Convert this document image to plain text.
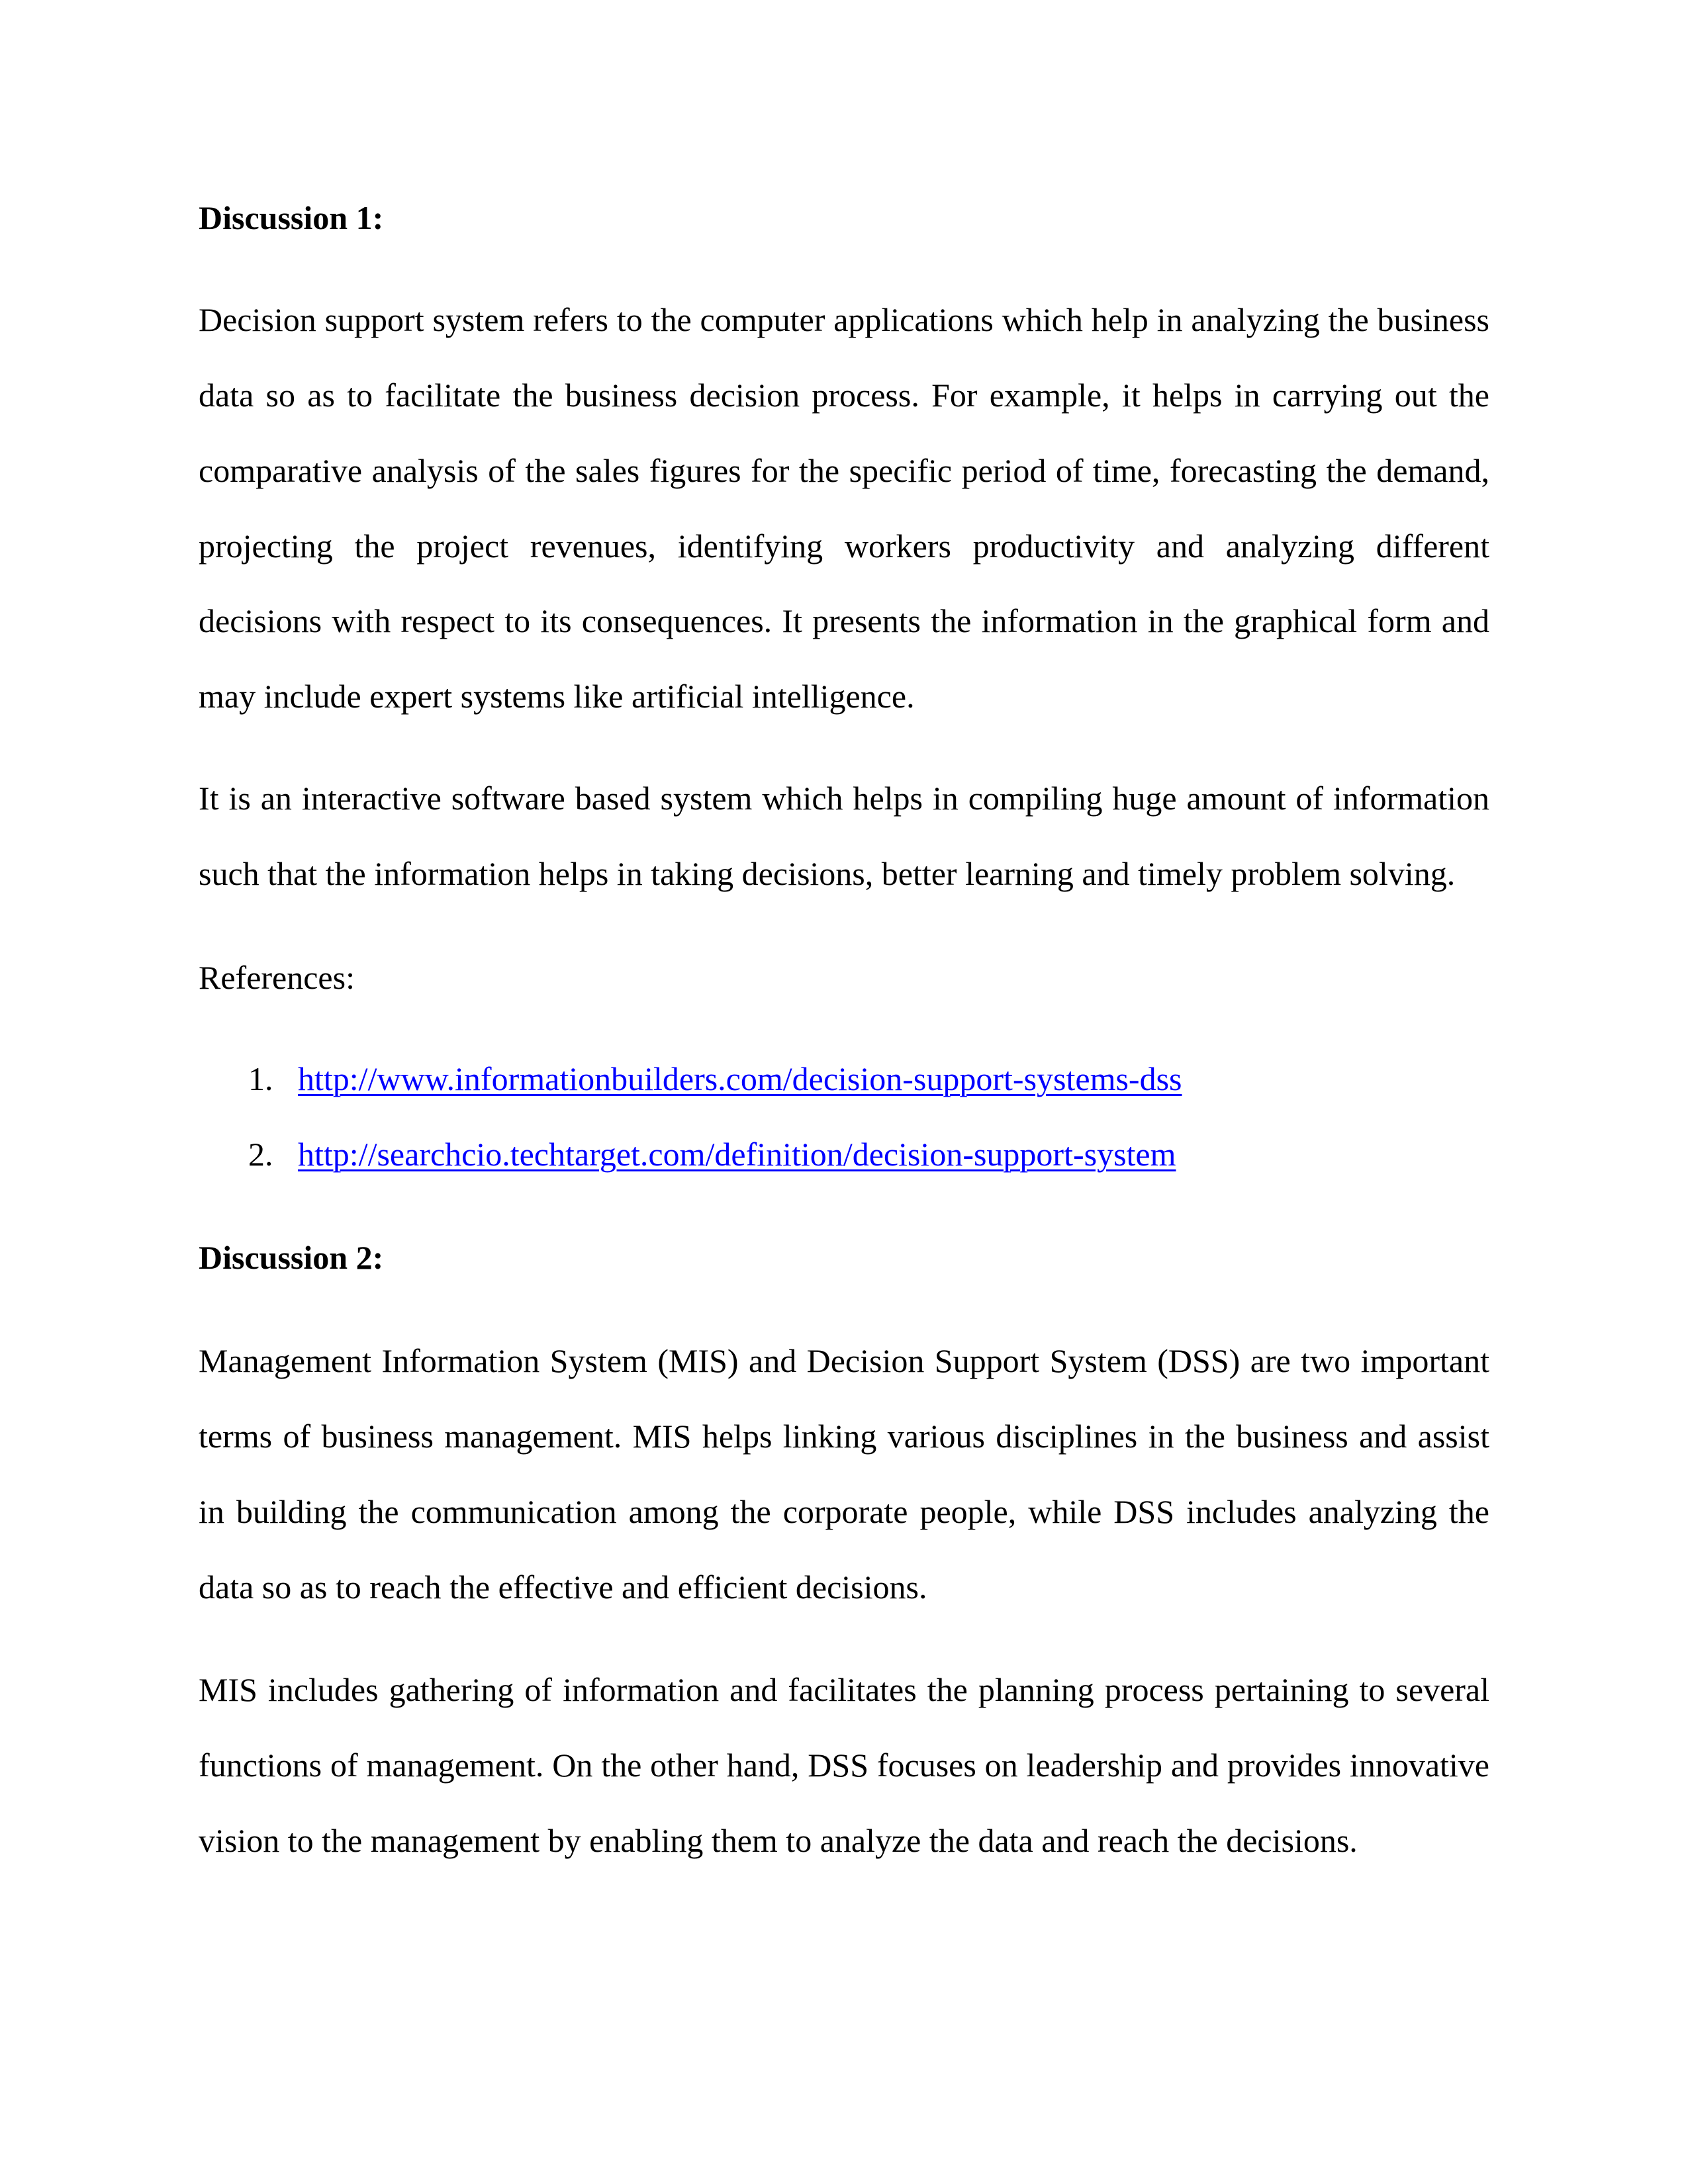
Discussion 1:
Decision support system refers to the computer applications which help in analyzing the business
data so as to facilitate the business decision process. For example, it helps in carrying out the
comparative analysis of the sales figures for the specific period of time, forecasting the demand,
projecting the project revenues, identifying workers productivity and analyzing different
decisions with respect to its consequences. It presents the information in the graphical form and
may include expert systems like artificial intelligence.
It is an interactive software based system which helps in compiling huge amount of information
such that the information helps in taking decisions, better learning and timely problem solving.
References:
1. http://www.informationbuilders.com/decision-support-systems-dss
2. http://searchcio.techtarget.com/definition/decision-support-system
Discussion 2:
Management Information System (MIS) and Decision Support System (DSS) are two important
terms of business management. MIS helps linking various disciplines in the business and assist
in building the communication among the corporate people, while DSS includes analyzing the
data so as to reach the effective and efficient decisions.
MIS includes gathering of information and facilitates the planning process pertaining to several
functions of management. On the other hand, DSS focuses on leadership and provides innovative
vision to the management by enabling them to analyze the data and reach the decisions.
